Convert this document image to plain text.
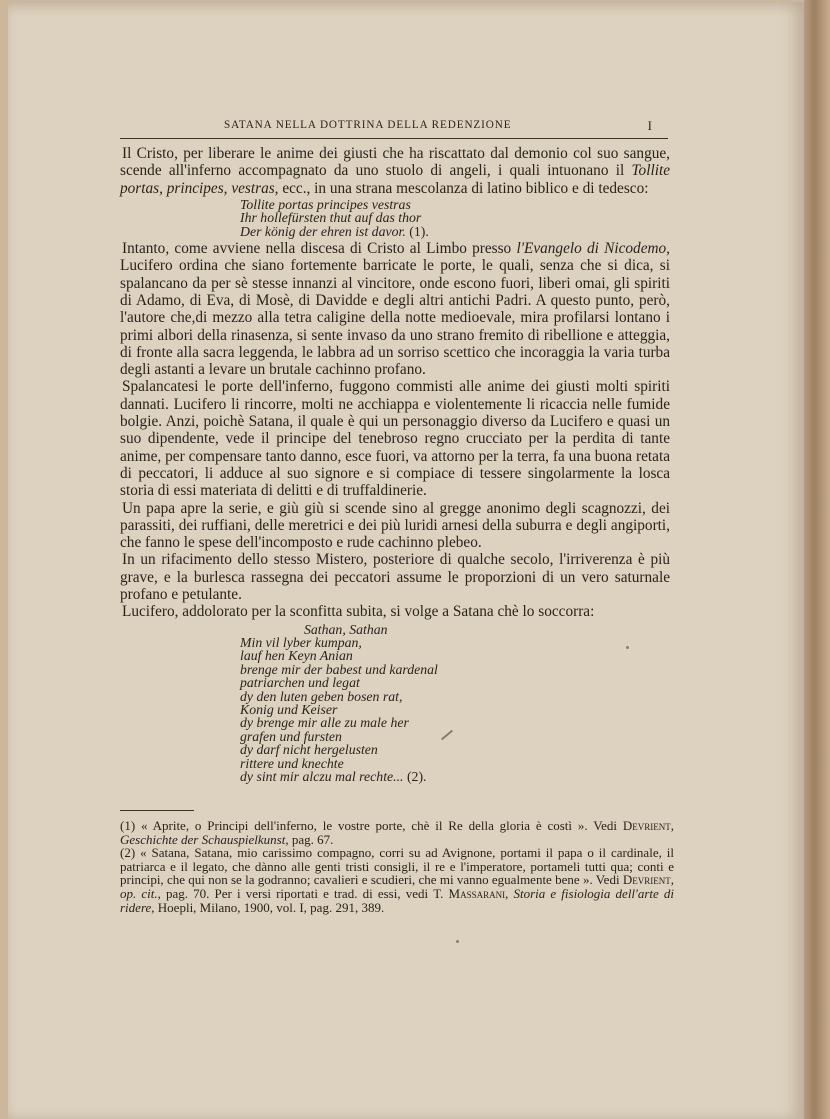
SATANA NELLA DOTTRINA DELLA REDENZIONE	I

Il Cristo, per liberare le anime dei giusti che ha riscattato dal demonio col suo sangue, scende all'inferno accompagnato da uno stuolo di angeli, i quali intuonano il Tollite portas, principes, vestras, ecc., in una strana mescolanza di latino biblico e di tedesco:

Tollite portas principes vestras
Ihr hollefürsten thut auf das thor
Der könig der ehren ist davor. (1).

Intanto, come avviene nella discesa di Cristo al Limbo presso l'Evangelo di Nicodemo, Lucifero ordina che siano fortemente barricate le porte, le quali, senza che si dica, si spalancano da per sè stesse innanzi al vincitore, onde escono fuori, liberi omai, gli spiriti di Adamo, di Eva, di Mosè, di Davidde e degli altri antichi Padri. A questo punto, però, l'autore che,di mezzo alla tetra caligine della notte medioevale, mira profilarsi lontano i primi albori della rinasenza, si sente invaso da uno strano fremito di ribellione e atteggia, di fronte alla sacra leggenda, le labbra ad un sorriso scettico che incoraggia la varia turba degli astanti a levare un brutale cachinno profano.

Spalancatesi le porte dell'inferno, fuggono commisti alle anime dei giusti molti spiriti dannati. Lucifero li rincorre, molti ne acchiappa e violentemente li ricaccia nelle fumide bolgie. Anzi, poichè Satana, il quale è qui un personaggio diverso da Lucifero e quasi un suo dipendente, vede il principe del tenebroso regno crucciato per la perdita di tante anime, per compensare tanto danno, esce fuori, va attorno per la terra, fa una buona retata di peccatori, li adduce al suo signore e si compiace di tessere singolarmente la losca storia di essi materiata di delitti e di truffaldinerie.

Un papa apre la serie, e giù giù si scende sino al gregge anonimo degli scagnozzi, dei parassiti, dei ruffiani, delle meretrici e dei più luridi arnesi della suburra e degli angiporti, che fanno le spese dell'incomposto e rude cachinno plebeo.

In un rifacimento dello stesso Mistero, posteriore di qualche secolo, l'irriverenza è più grave, e la burlesca rassegna dei peccatori assume le proporzioni di un vero saturnale profano e petulante.

Lucifero, addolorato per la sconfitta subita, si volge a Satana chè lo soccorra:

Sathan, Sathan
Min vil lyber kumpan,
lauf hen Keyn Anian
brenge mir der babest und kardenal
patriarchen und legat
dy den luten geben bosen rat,
Konig und Keiser
dy brenge mir alle zu male her
grafen und fursten
dy darf nicht hergelusten
rittere und knechte
dy sint mir alczu mal rechte... (2).

(1) « Aprite, o Principi dell'inferno, le vostre porte, chè il Re della gloria è costì ». Vedi Devrient, Geschichte der Schauspielkunst, pag. 67.

(2) « Satana, Satana, mio carissimo compagno, corri su ad Avignone, portami il papa o il cardinale, il patriarca e il legato, che dànno alle genti tristi consigli, il re e l'imperatore, portameli tutti qua; conti e principi, che qui non se la godranno; cavalieri e scudieri, che mi vanno egualmente bene ». Vedi Devrient, op. cit., pag. 70. Per i versi riportati e trad. di essi, vedi T. Massarani, Storia e fisiologia dell'arte di ridere, Hoepli, Milano, 1900, vol. I, pag. 291, 389.
